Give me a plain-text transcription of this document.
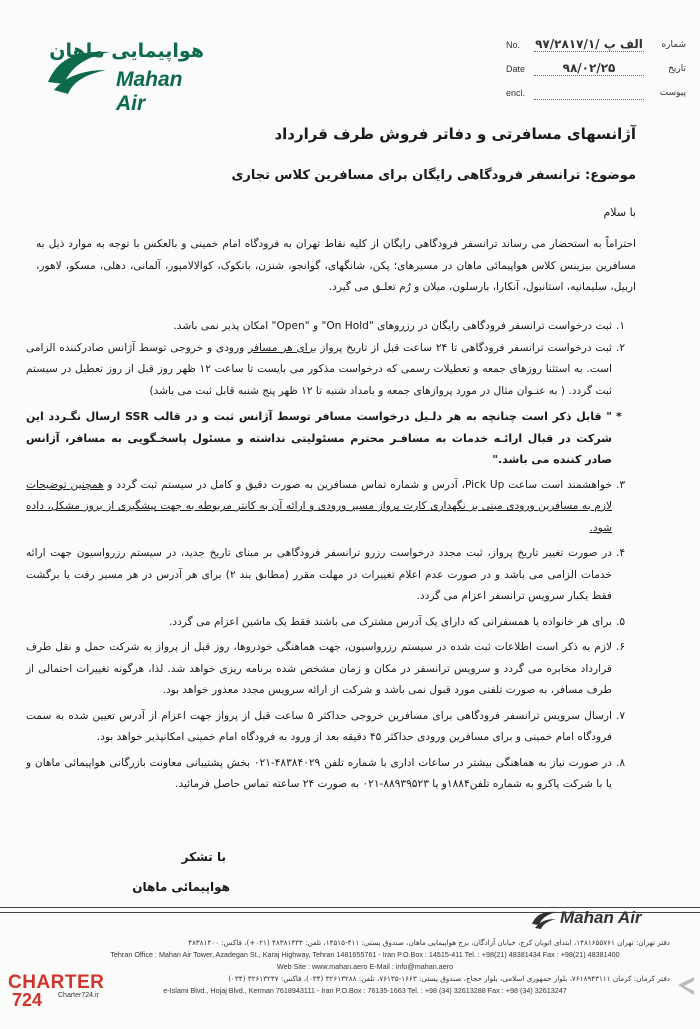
هواپیمایی ماهان
Mahan Air
No. الف پ /۹۷/۲۸۱۷/۱ شماره
Date	۹۸/۰۲/۲۵	تاریخ
encl.
	پیوست
آژانسهای مسافرتی و دفاتر فروش طرف قرارداد
موضوع: ترانسفر فرودگاهی رایگان برای مسافرین کلاس تجاری
با سلام
احتراماً به استحضار می رساند ترانسفر فرودگاهی رایگان از کلیه نقاط تهران به فرودگاه امام خمینی و بالعکس با توجه به موارد ذیل به مسافرین بیزینس کلاس هواپیمائی ماهان در مسیرهای؛ پکن، شانگهای، گوانجو، شنزن، بانکوک، کوالالامپور، آلمانی، دهلی، مسکو، لاهور، اربیل، سلیمانیه، استانبول، آنکارا، بارسلون، میلان و رُم تعلـق می گیرد.
۱.
ثبت درخواست ترانسفر فرودگاهی رایگان در رزروهای "On Hold" و "Open" امکان پذیر نمی باشد.
۲.
ثبت درخواست ترانسفر فرودگاهی تا ۲۴ ساعت قبل از تاریخ پرواز برای هر مسافر ورودی و خروجی توسط آژانس صادرکننده الزامی است. به استثنا روزهای جمعه و تعطیلات رسمی که درخواست مذکور می بایست تا ساعت ۱۲ ظهر روز قبل از روز تعطیل در سیستم ثبت گردد. ( به عنـوان مثال در مورد پروازهای جمعه و بامداد شنبه تا ۱۲ ظهر پنج شنبه قابل ثبت می باشد)
*
" قابل ذکر است چنانچه به هر دلـیل درخواست مسافر توسط آژانس ثبت و در قالب SSR ارسال نگـردد این شرکت در قبال ارائـه خدمات به مسافـر محترم مسئولیتی نداشته و مسئول پاسخـگویی به مسافر، آژانس صادر کننده می باشد."
۳.
خواهشمند است ساعت Pick Up، آدرس و شماره تماس مسافرین به صورت دقیق و کامل در سیستم ثبت گردد و همچنین توضیحات لازم به مسافرین ورودی مبنی بر نگهداری کارت پرواز مسیر ورودی و ارائه آن به کانتر مربوطه به جهت پیشگیری از بروز مشکل، داده شود.
۴.
در صورت تغییر تاریخ پرواز، ثبت مجدد درخواست رزرو ترانسفر فرودگاهی بر مبنای تاریخ جدید، در سیستم رزرواسیون جهت ارائه خدمات الزامی می باشد و در صورت عدم اعلام تغییرات در مهلت مقرر (مطابق بند ۲) برای هر آدرس در هر مسیر رفت یا برگشت فقط یکبار سرویس ترانسفر اعزام می گردد.
۵.
برای هر خانواده یا همسفرانی که دارای یک آدرس مشترک می باشند فقط یک ماشین اعزام می گردد.
۶.
لازم به ذکر است اطلاعات ثبت شده در سیستم رزرواسیون، جهت هماهنگی خودروها، روز قبل از پرواز به شرکت حمل و نقل طرف قرارداد مخابره می گردد و سرویس ترانسفر در مکان و زمان مشخص شده برنامه ریزی خواهد شد. لذا، هرگونه تغییرات احتمالی از طرف مسافر، به صورت تلفنی مورد قبول نمی باشد و شرکت از ارائه سرویس مجدد معذور خواهد بود.
۷.
ارسال سرویس ترانسفر فرودگاهی برای مسافرین خروجی حداکثر ۵ ساعت قبل از پرواز جهت اعزام از آدرس تعیین شده به سمت فرودگاه امام خمینی و برای مسافرین ورودی حداکثر ۴۵ دقیقه بعد از ورود به فرودگاه امام خمینی امکانپذیر خواهد بود.
۸.
در صورت نیاز به هماهنگی بیشتر در ساعات اداری با شماره تلفن ۴۸۳۸۴۰۲۹-۰۲۱ بخش پشتیبانی معاونت بازرگانی هواپیمائی ماهان و یا با شرکت پاکرو به شماره تلفن۱۸۸۴و یا ۸۸۹۳۹۵۲۳-۰۲۱ به صورت ۲۴ ساعته تماس حاصل فرمائید.
با تشکر
هواپیمائی ماهان
Mahan Air
دفتر تهران: تهران ۱۴۸۱۶۵۵۷۶۱، ابتدای اتوبان کرج، خیابان آزادگان، برج هواپیمایی ماهان، صندوق پستی: ۴۱۱-۱۴۵۱۵، تلفن: ۴۸۳۸۱۴۳۴ (۰۲۱+)، فاکس: ۴۸۳۸۱۴۰۰
Tehran Office : Mahan Air Tower, Azadegan St., Karaj Highway, Tehran 1481655761 - Iran P.O.Box : 14515-411 Tel. : +98(21) 48381434 Fax : +98(21) 48381400
Web Site : www.mahan.aero E-Mail : info@mahan.aero
دفتر کرمان: کرمان ۷۶۱۸۹۴۳۱۱۱، بلوار جمهوری اسلامی، بلوار حجاج، صندوق پستی: ۱۶۶۳-۷۶۱۳۵، تلفن: ۳۲۶۱۳۲۸۸ (۰۳۴)، فاکس: ۳۲۶۱۳۲۴۷ (۰۳۴)
e-Islami Blvd., Hojaj Blvd., Kerman 7618943111 - Iran P.O.Box : 76135-1663 Tel. : +98 (34) 32613288 Fax : +98 (34) 32613247
CHARTER
724 Charter724.ir
